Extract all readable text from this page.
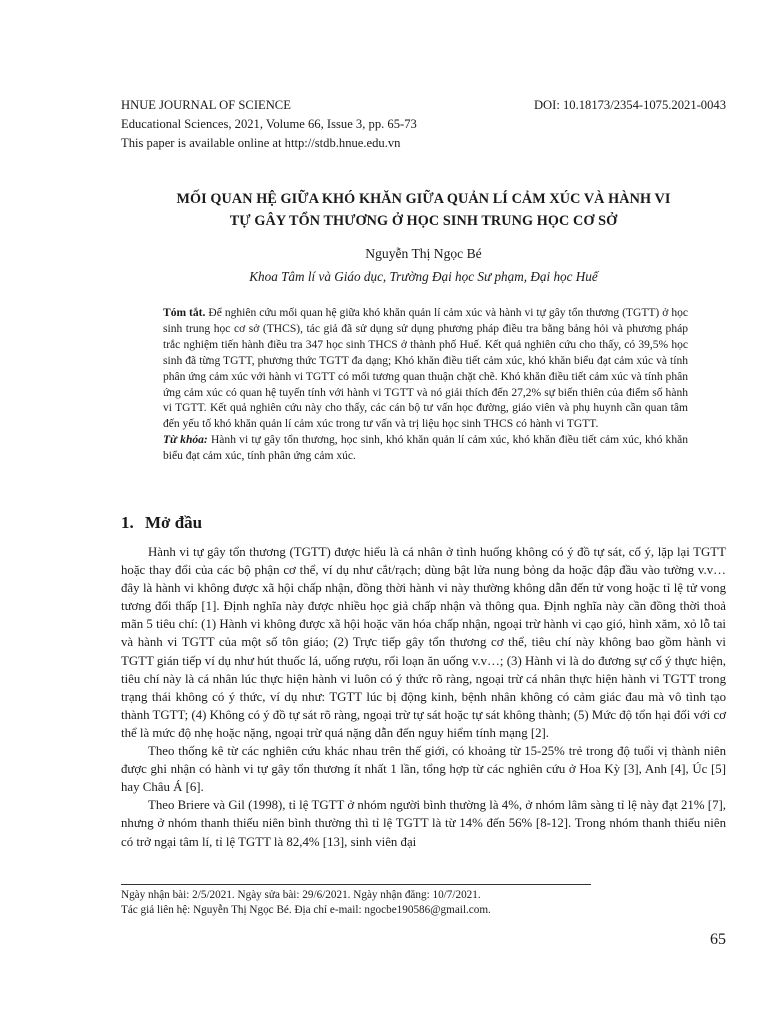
HNUE JOURNAL OF SCIENCE	DOI: 10.18173/2354-1075.2021-0043
Educational Sciences, 2021, Volume 66, Issue 3, pp. 65-73
This paper is available online at http://stdb.hnue.edu.vn
MỐI QUAN HỆ GIỮA KHÓ KHĂN GIỮA QUẢN LÍ CẢM XÚC VÀ HÀNH VI
TỰ GÂY TỔN THƯƠNG Ở HỌC SINH TRUNG HỌC CƠ SỞ
Nguyễn Thị Ngọc Bé
Khoa Tâm lí và Giáo dục, Trường Đại học Sư phạm, Đại học Huế

Tóm tắt. Để nghiên cứu mối quan hệ giữa khó khăn quản lí cảm xúc và hành vi tự gây tổn thương (TGTT) ở học sinh trung học cơ sở (THCS), tác giả đã sử dụng sử dụng phương pháp điều tra bằng bảng hỏi và phương pháp trắc nghiệm tiến hành điều tra 347 học sinh THCS ở thành phố Huế. Kết quả nghiên cứu cho thấy, có 39,5% học sinh đã từng TGTT, phương thức TGTT đa dạng; Khó khăn điều tiết cảm xúc, khó khăn biểu đạt cảm xúc và tính phân ứng cảm xúc với hành vi TGTT có mối tương quan thuận chặt chẽ. Khó khăn điều tiết cảm xúc và tính phân ứng cảm xúc có quan hệ tuyến tính với hành vi TGTT và nó giải thích đến 27,2% sự biến thiên của điểm số hành vi TGTT. Kết quả nghiên cứu này cho thấy, các cán bộ tư vấn học đường, giáo viên và phụ huynh cần quan tâm đến yếu tố khó khăn quản lí cảm xúc trong tư vấn và trị liệu học sinh THCS có hành vi TGTT.

Từ khóa: Hành vi tự gây tổn thương, học sinh, khó khăn quản lí cảm xúc, khó khăn điều tiết cảm xúc, khó khăn biểu đạt cảm xúc, tính phân ứng cảm xúc.

1. Mở đầu

Hành vi tự gây tổn thương (TGTT) được hiểu là cá nhân ở tình huống không có ý đồ tự sát, cố ý, lặp lại TGTT hoặc thay đổi của các bộ phận cơ thể, ví dụ như cắt/rạch; dùng bật lửa nung bỏng da hoặc đập đầu vào tường v.v… đây là hành vi không được xã hội chấp nhận, đồng thời hành vi này thường không dẫn đến tử vong hoặc tỉ lệ tử vong tương đối thấp [1]. Định nghĩa này được nhiều học giả chấp nhận và thông qua. Định nghĩa này cần đồng thời thoả mãn 5 tiêu chí: (1) Hành vi không được xã hội hoặc văn hóa chấp nhận, ngoại trừ hành vi cạo gió, hình xăm, xỏ lỗ tai và hành vi TGTT của một số tôn giáo; (2) Trực tiếp gây tổn thương cơ thể, tiêu chí này không bao gồm hành vi TGTT gián tiếp ví dụ như hút thuốc lá, uống rượu, rối loạn ăn uống v.v…; (3) Hành vi là do đương sự cố ý thực hiện, tiêu chí này là cá nhân lúc thực hiện hành vi luôn có ý thức rõ ràng, ngoại trừ cá nhân thực hiện hành vi TGTT trong trạng thái không có ý thức, ví dụ như: TGTT lúc bị động kinh, bệnh nhân không có cảm giác đau mà vô tình tạo thành TGTT; (4) Không có ý đồ tự sát rõ ràng, ngoại trừ tự sát hoặc tự sát không thành; (5) Mức độ tổn hại đối với cơ thể là mức độ nhẹ hoặc nặng, ngoại trừ quá nặng dẫn đến nguy hiểm tính mạng [2].

Theo thống kê từ các nghiên cứu khác nhau trên thế giới, có khoảng từ 15-25% trẻ trong độ tuổi vị thành niên được ghi nhận có hành vi tự gây tổn thương ít nhất 1 lần, tổng hợp từ các nghiên cứu ở Hoa Kỳ [3], Anh [4], Úc [5] hay Châu Á [6].

Theo Briere và Gil (1998), tỉ lệ TGTT ở nhóm người bình thường là 4%, ở nhóm lâm sàng tỉ lệ này đạt 21% [7], nhưng ở nhóm thanh thiếu niên bình thường thì tỉ lệ TGTT là từ 14% đến 56% [8-12]. Trong nhóm thanh thiếu niên có trở ngại tâm lí, tỉ lệ TGTT là 82,4% [13], sinh viên đại

Ngày nhận bài: 2/5/2021. Ngày sửa bài: 29/6/2021. Ngày nhận đăng: 10/7/2021.
Tác giả liên hệ: Nguyễn Thị Ngọc Bé. Địa chỉ e-mail: ngocbe190586@gmail.com.
65
